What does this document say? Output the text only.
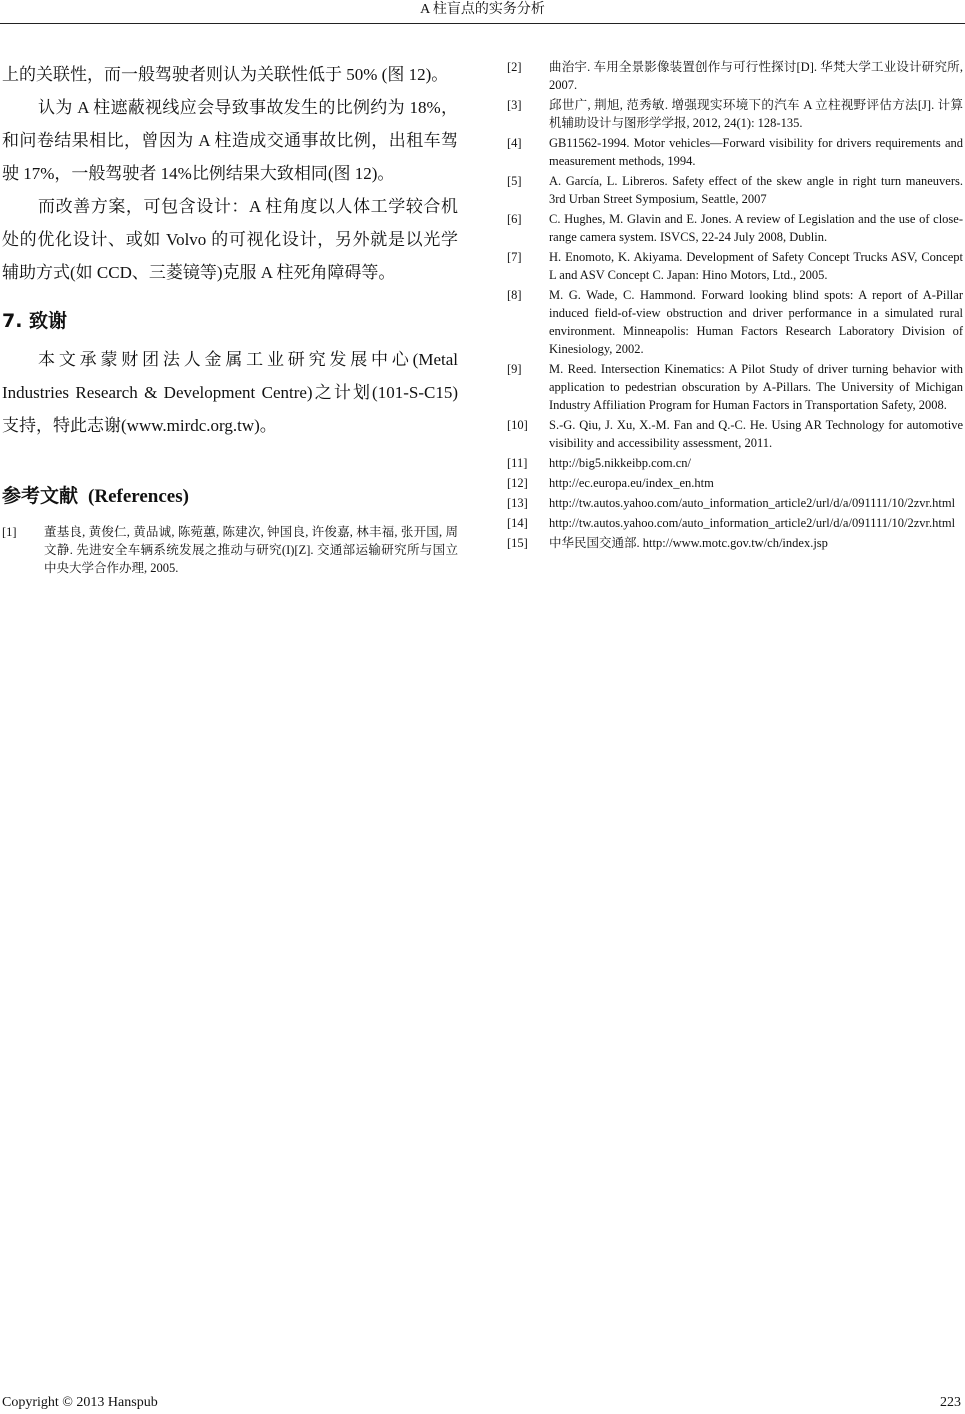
A 柱盲点的实务分析

上的关联性，而一般驾驶者则认为关联性低于 50% (图 12)。

认为 A 柱遮蔽视线应会导致事故发生的比例约为 18%，和问卷结果相比，曾因为 A 柱造成交通事故比例，出租车驾驶 17%，一般驾驶者 14%比例结果大致相同(图 12)。

而改善方案，可包含设计：A 柱角度以人体工学较合机处的优化设计、或如 Volvo 的可视化设计，另外就是以光学辅助方式(如 CCD、三菱镜等)克服 A 柱死角障碍等。

7. 致谢

本文承蒙财团法人金属工业研究发展中心(Metal Industries Research & Development Centre)之计划(101-S-C15)支持，特此志谢(www.mirdc.org.tw)。

参考文献 (References)
[1]	董基良, 黄俊仁, 黄品诚, 陈菀蕙, 陈建次, 钟国良, 许俊嘉, 林丰福, 张开国, 周文静. 先进安全车辆系统发展之推动与研究(I)[Z]. 交通部运输研究所与国立中央大学合作办理, 2005.
[2]	曲治宇. 车用全景影像装置创作与可行性探讨[D]. 华梵大学工业设计研究所, 2007.
[3]	邱世广, 荆旭, 范秀敏. 增强现实环境下的汽车 A 立柱视野评估方法[J]. 计算机辅助设计与图形学学报, 2012, 24(1): 128-135.
[4]	GB11562-1994. Motor vehicles—Forward visibility for drivers requirements and measurement methods, 1994.
[5]	A. García, L. Libreros. Safety effect of the skew angle in right turn maneuvers. 3rd Urban Street Symposium, Seattle, 2007
[6]	C. Hughes, M. Glavin and E. Jones. A review of Legislation and the use of close-range camera system. ISVCS, 22-24 July 2008, Dublin.
[7]	H. Enomoto, K. Akiyama. Development of Safety Concept Trucks ASV, Concept L and ASV Concept C. Japan: Hino Motors, Ltd., 2005.
[8]	M. G. Wade, C. Hammond. Forward looking blind spots: A report of A-Pillar induced field-of-view obstruction and driver performance in a simulated rural environment. Minneapolis: Human Factors Research Laboratory Division of Kinesiology, 2002.
[9]	M. Reed. Intersection Kinematics: A Pilot Study of driver turning behavior with application to pedestrian obscuration by A-Pillars. The University of Michigan Industry Affiliation Program for Human Factors in Transportation Safety, 2008.
[10]	S.-G. Qiu, J. Xu, X.-M. Fan and Q.-C. He. Using AR Technology for automotive visibility and accessibility assessment, 2011.
[11]	http://big5.nikkeibp.com.cn/
[12]	http://ec.europa.eu/index_en.htm
[13]	http://tw.autos.yahoo.com/auto_information_article2/url/d/a/091111/10/2zvr.html
[14]	http://tw.autos.yahoo.com/auto_information_article2/url/d/a/091111/10/2zvr.html
[15]	中华民国交通部. http://www.motc.gov.tw/ch/index.jsp
Copyright © 2013 Hanspub	223
